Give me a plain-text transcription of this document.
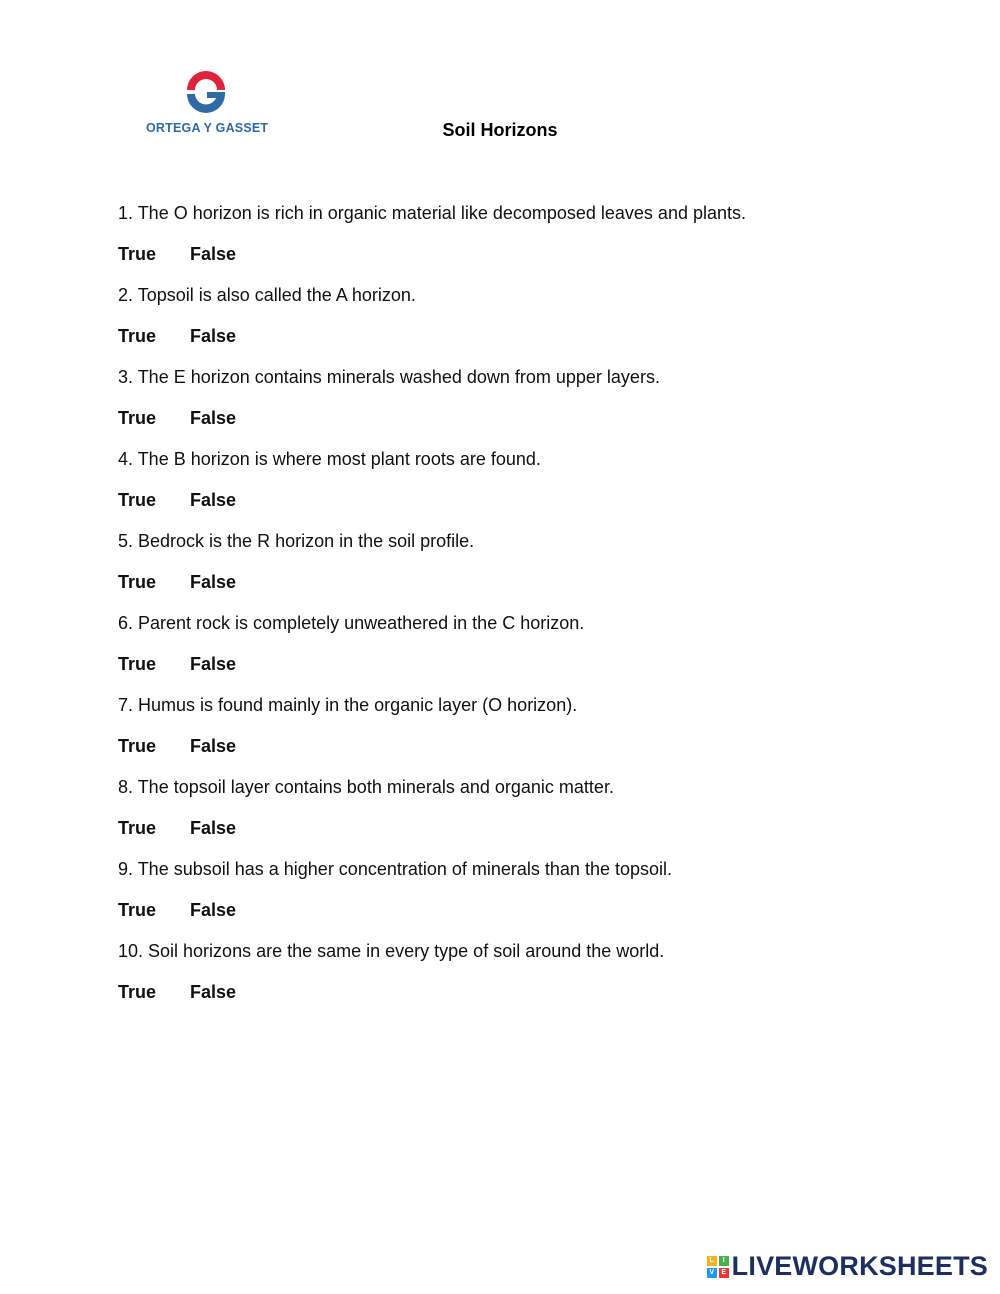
ORTEGA Y GASSET	Soil Horizons
1. The O horizon is rich in organic material like decomposed leaves and plants.
True	False
2. Topsoil is also called the A horizon.
True	False
3. The E horizon contains minerals washed down from upper layers.
True	False
4. The B horizon is where most plant roots are found.
True	False
5. Bedrock is the R horizon in the soil profile.
True	False
6. Parent rock is completely unweathered in the C horizon.
True	False
7. Humus is found mainly in the organic layer (O horizon).
True	False
8. The topsoil layer contains both minerals and organic matter.
True	False
9. The subsoil has a higher concentration of minerals than the topsoil.
True	False
10. Soil horizons are the same in every type of soil around the world.
True	False
L	I
V	E LIVEWORKSHEETS
